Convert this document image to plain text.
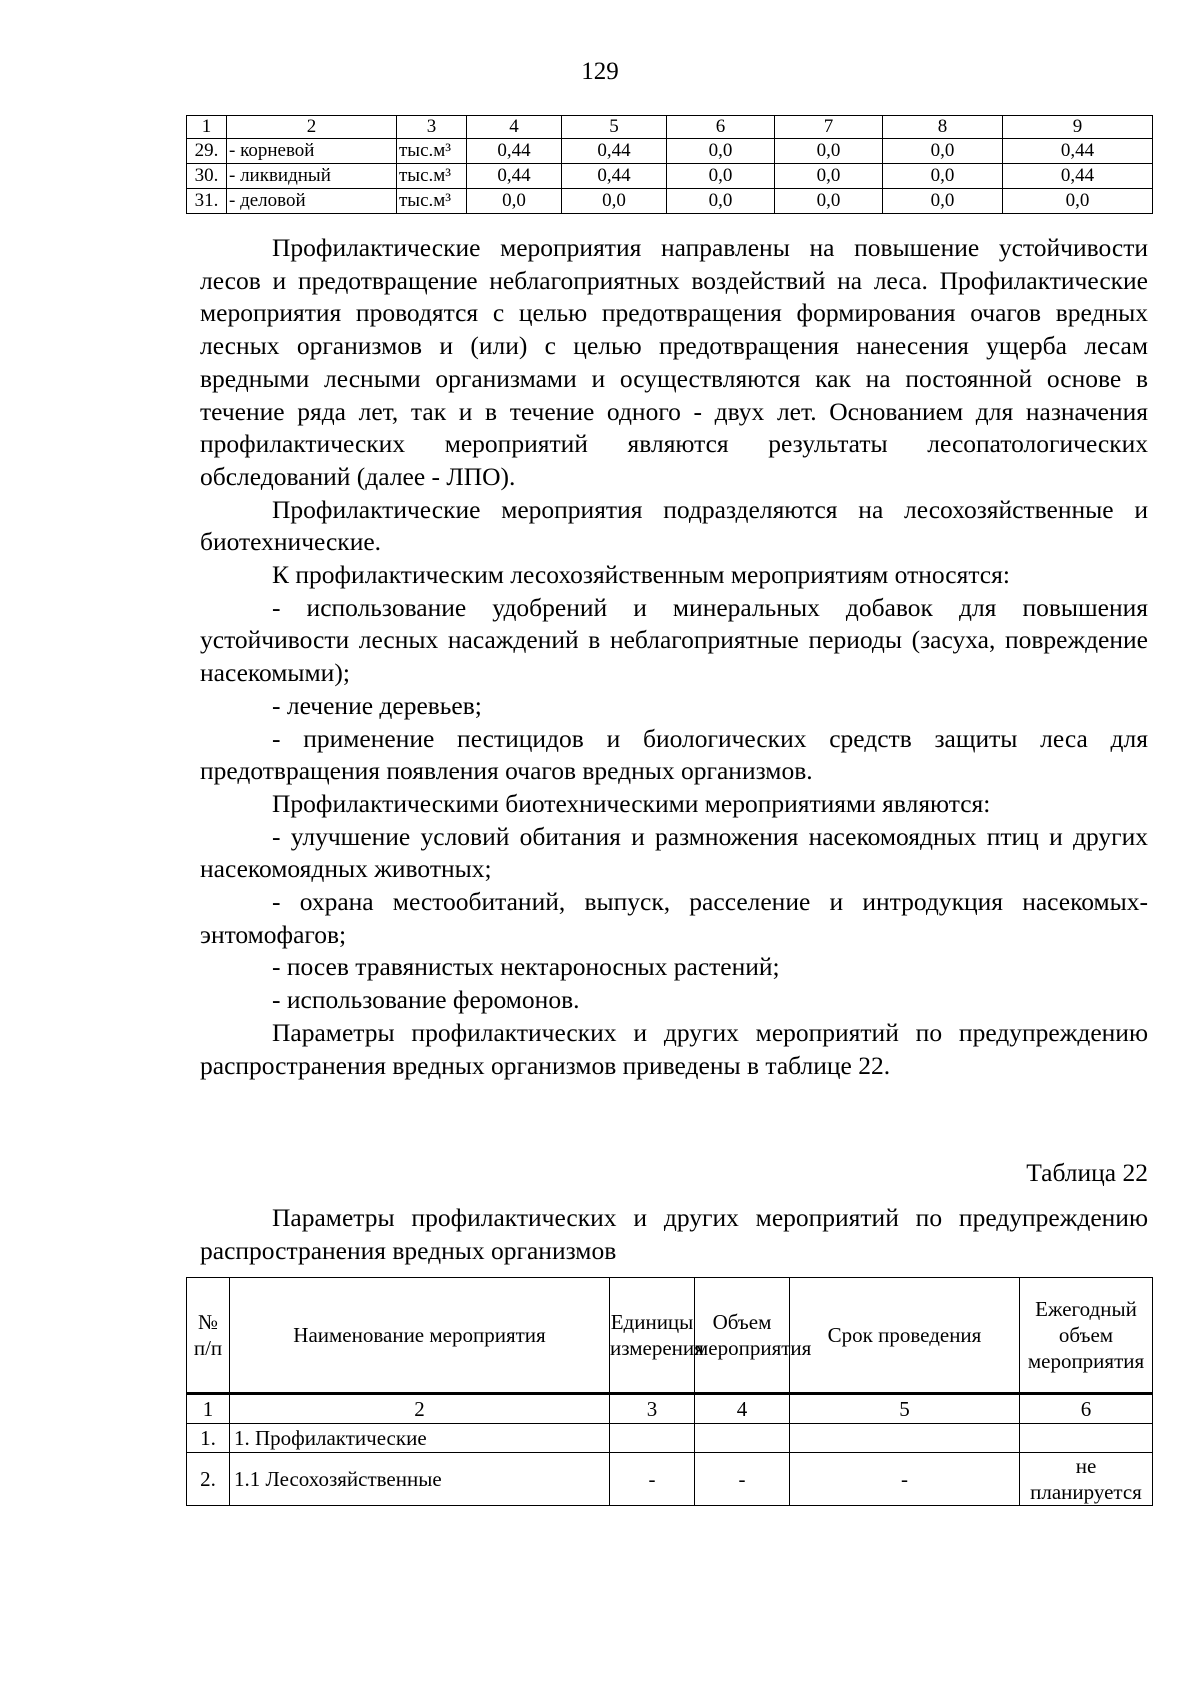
129
1	2	3	4	5	6	7	8	9
29.	- корневой	тыс.м³	0,44	0,44	0,0	0,0	0,0	0,44
30.	- ликвидный	тыс.м³	0,44	0,44	0,0	0,0	0,0	0,44
31.	- деловой	тыс.м³	0,0	0,0	0,0	0,0	0,0	0,0

Профилактические мероприятия направлены на повышение устойчивости лесов и предотвращение неблагоприятных воздействий на леса. Профилактические мероприятия проводятся с целью предотвращения формирования очагов вредных лесных организмов и (или) с целью предотвращения нанесения ущерба лесам вредными лесными организмами и осуществляются как на постоянной основе в течение ряда лет, так и в течение одного - двух лет. Основанием для назначения профилактических мероприятий являются результаты лесопатологических обследований (далее - ЛПО).

Профилактические мероприятия подразделяются на лесохозяйственные и биотехнические.

К профилактическим лесохозяйственным мероприятиям относятся:

- использование удобрений и минеральных добавок для повышения устойчивости лесных насаждений в неблагоприятные периоды (засуха, повреждение насекомыми);

- лечение деревьев;

- применение пестицидов и биологических средств защиты леса для предотвращения появления очагов вредных организмов.

Профилактическими биотехническими мероприятиями являются:

- улучшение условий обитания и размножения насекомоядных птиц и других насекомоядных животных;

- охрана местообитаний, выпуск, расселение и интродукция насекомых-энтомофагов;

- посев травянистых нектароносных растений;

- использование феромонов.

Параметры профилактических и других мероприятий по предупреждению распространения вредных организмов приведены в таблице 22.

Таблица 22

Параметры профилактических и других мероприятий по предупреждению распространения вредных организмов

№ п/п	Наименование мероприятия	Единицы измерения	Объем мероприятия	Срок проведения	Ежегодный объем мероприятия
1	2	3	4	5	6
1.	1. Профилактические				
2.	1.1 Лесохозяйственные	-	-	-	не планируется
